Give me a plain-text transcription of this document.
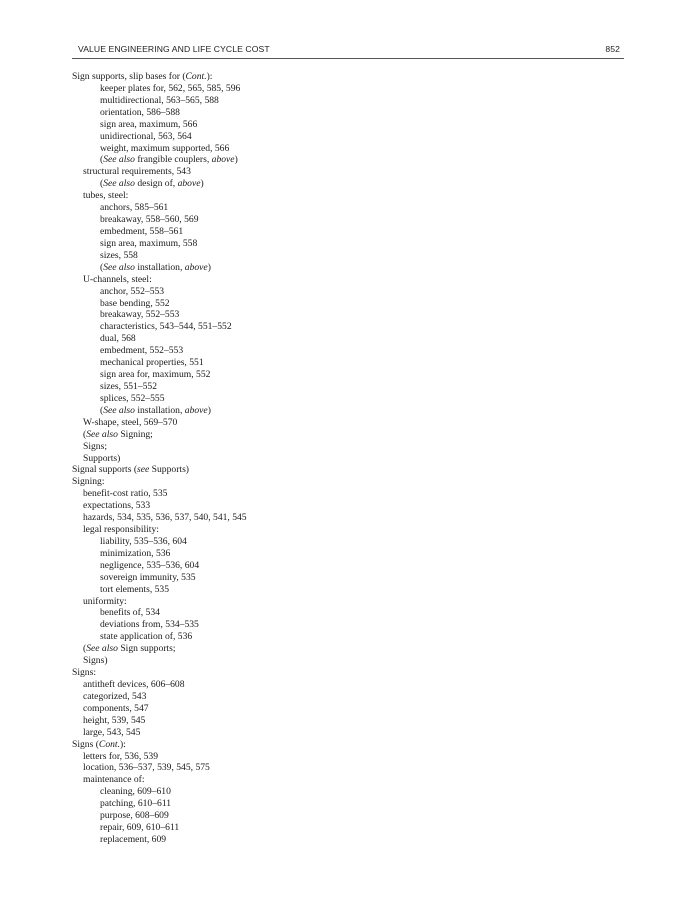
VALUE ENGINEERING AND LIFE CYCLE COST	852
Sign supports, slip bases for (Cont.):
keeper plates for, 562, 565, 585, 596
multidirectional, 563–565, 588
orientation, 586–588
sign area, maximum, 566
unidirectional, 563, 564
weight, maximum supported, 566
(See also frangible couplers, above)
structural requirements, 543
(See also design of, above)
tubes, steel:
anchors, 585–561
breakaway, 558–560, 569
embedment, 558–561
sign area, maximum, 558
sizes, 558
(See also installation, above)
U-channels, steel:
anchor, 552–553
base bending, 552
breakaway, 552–553
characteristics, 543–544, 551–552
dual, 568
embedment, 552–553
mechanical properties, 551
sign area for, maximum, 552
sizes, 551–552
splices, 552–555
(See also installation, above)
W-shape, steel, 569–570
(See also Signing;
Signs;
Supports)
Signal supports (see Supports)
Signing:
benefit-cost ratio, 535
expectations, 533
hazards, 534, 535, 536, 537, 540, 541, 545
legal responsibility:
liability, 535–536, 604
minimization, 536
negligence, 535–536, 604
sovereign immunity, 535
tort elements, 535
uniformity:
benefits of, 534
deviations from, 534–535
state application of, 536
(See also Sign supports;
Signs)
Signs:
antitheft devices, 606–608
categorized, 543
components, 547
height, 539, 545
large, 543, 545
Signs (Cont.):
letters for, 536, 539
location, 536–537, 539, 545, 575
maintenance of:
cleaning, 609–610
patching, 610–611
purpose, 608–609
repair, 609, 610–611
replacement, 609
